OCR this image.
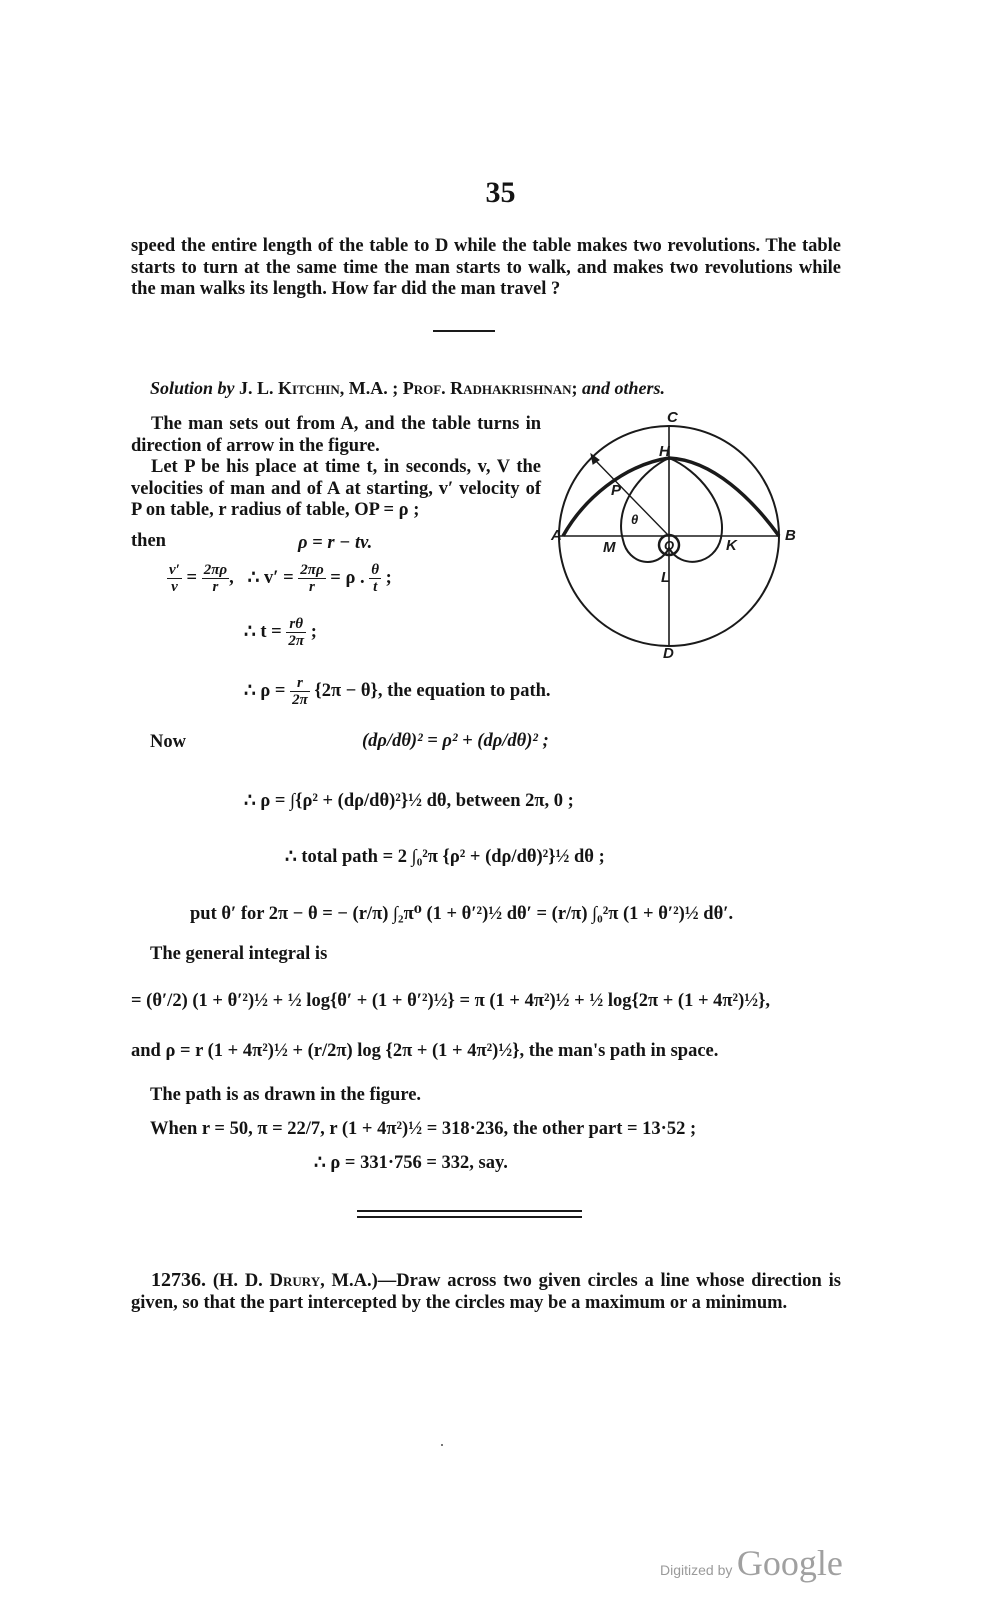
35
speed the entire length of the table to D while the table makes two revolutions. The table starts to turn at the same time the man starts to walk, and makes two revolutions while the man walks its length. How far did the man travel ?
Solution by J. L. Kitchin, M.A. ; Prof. Radhakrishnan; and others.

The man sets out from A, and the table turns in direction of arrow in the figure.

Let P be his place at time t, in seconds, v, V the velocities of man and of A at starting, v′ velocity of P on table, r radius of table, OP = ρ ;

then	ρ = r − tv.
$\frac{v'}{v} = \frac{2\pi\rho}{r}$ ,   ∴ $v' = \frac{2\pi\rho}{r} = \rho$ . $\frac{\theta}{t}$ ;
∴ $t = \frac{r\theta}{2\pi}$ ;
∴ $\rho = \frac{r}{2\pi} \{2\pi - \theta\}$, the equation to path.
Now	(dρ/dθ)² = ρ² + (dρ/dθ)² ;
∴ ρ = ∫{ρ² + (dρ/dθ)²}½ dθ, between 2π, 0 ;
∴ total path = 2 ∫₀²π {ρ² + (dρ/dθ)²}½ dθ ;
put θ′ for 2π − θ = − (r/π) ∫₂π⁰ (1 + θ′²)½ dθ′ = (r/π) ∫₀²π (1 + θ′²)½ dθ′.
The general integral is
= (θ′/2) (1 + θ′²)½ + ½ log{θ′ + (1 + θ′²)½} = π (1 + 4π²)½ + ½ log{2π + (1 + 4π²)½},
and ρ = r (1 + 4π²)½ + (r/2π) log {2π + (1 + 4π²)½}, the man's path in space.
The path is as drawn in the figure.
When r = 50, π = 22/7, r (1 + 4π²)½ = 318·236, the other part = 13·52 ;
∴ ρ = 331·756 = 332, say.
C
H
P
θ
A	B
M	O	K
L
D
12736. (H. D. Drury, M.A.)—Draw across two given circles a line whose direction is given, so that the part intercepted by the circles may be a maximum or a minimum.
Digitized by Google
